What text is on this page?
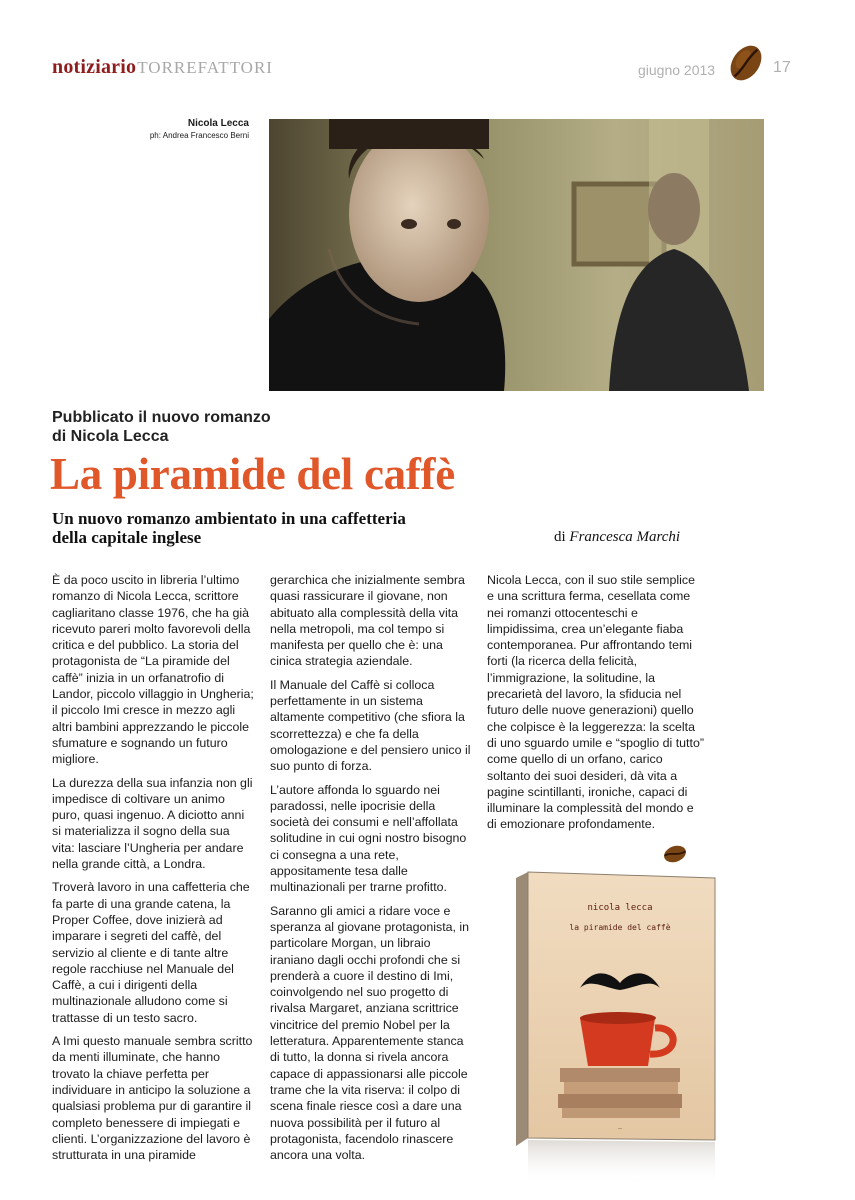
notiziarioTORREFATTORI	giugno 2013	17
Nicola Lecca
ph: Andrea Francesco Berni
Pubblicato il nuovo romanzo
di Nicola Lecca
La piramide del caffè
Un nuovo romanzo ambientato in una caffetteria
della capitale inglese	di Francesca Marchi

È da poco uscito in libreria l’ultimo romanzo di Nicola Lecca, scrittore cagliaritano classe 1976, che ha già ricevuto pareri molto favorevoli della critica e del pubblico. La storia del protagonista de “La piramide del caffè” inizia in un orfanatrofio di Landor, piccolo villaggio in Ungheria; il piccolo Imi cresce in mezzo agli altri bambini apprezzando le piccole sfumature e sognando un futuro migliore.

La durezza della sua infanzia non gli impedisce di coltivare un animo puro, quasi ingenuo. A diciotto anni si materializza il sogno della sua vita: lasciare l’Ungheria per andare nella grande città, a Londra.

Troverà lavoro in una caffetteria che fa parte di una grande catena, la Proper Coffee, dove inizierà ad imparare i segreti del caffè, del servizio al cliente e di tante altre regole racchiuse nel Manuale del Caffè, a cui i dirigenti della multinazionale alludono come si trattasse di un testo sacro.

A Imi questo manuale sembra scritto da menti illuminate, che hanno trovato la chiave perfetta per individuare in anticipo la soluzione a qualsiasi problema pur di garantire il completo benessere di impiegati e clienti. L’organizzazione del lavoro è strutturata in una piramide

gerarchica che inizialmente sembra quasi rassicurare il giovane, non abituato alla complessità della vita nella metropoli, ma col tempo si manifesta per quello che è: una cinica strategia aziendale.

Il Manuale del Caffè si colloca perfettamente in un sistema altamente competitivo (che sfiora la scorrettezza) e che fa della omologazione e del pensiero unico il suo punto di forza.

L’autore affonda lo sguardo nei paradossi, nelle ipocrisie della società dei consumi e nell’affollata solitudine in cui ogni nostro bisogno ci consegna a una rete, appositamente tesa dalle multinazionali per trarne profitto.

Saranno gli amici a ridare voce e speranza al giovane protagonista, in particolare Morgan, un libraio iraniano dagli occhi profondi che si prenderà a cuore il destino di Imi, coinvolgendo nel suo progetto di rivalsa Margaret, anziana scrittrice vincitrice del premio Nobel per la letteratura. Apparentemente stanca di tutto, la donna si rivela ancora capace di appassionarsi alle piccole trame che la vita riserva: il colpo di scena finale riesce così a dare una nuova possibilità per il futuro al protagonista, facendolo rinascere ancora una volta.

Nicola Lecca, con il suo stile semplice e una scrittura ferma, cesellata come nei romanzi ottocenteschi e limpidissima, crea un’elegante fiaba contemporanea. Pur affrontando temi forti (la ricerca della felicità, l’immigrazione, la solitudine, la precarietà del lavoro, la sfiducia nel futuro delle nuove generazioni) quello che colpisce è la leggerezza: la scelta di uno sguardo umile e “spoglio di tutto” come quello di un orfano, carico soltanto dei suoi desideri, dà vita a pagine scintillanti, ironiche, capaci di illuminare la complessità del mondo e di emozionare profondamente.

nicola lecca
la piramide del caffè
—
